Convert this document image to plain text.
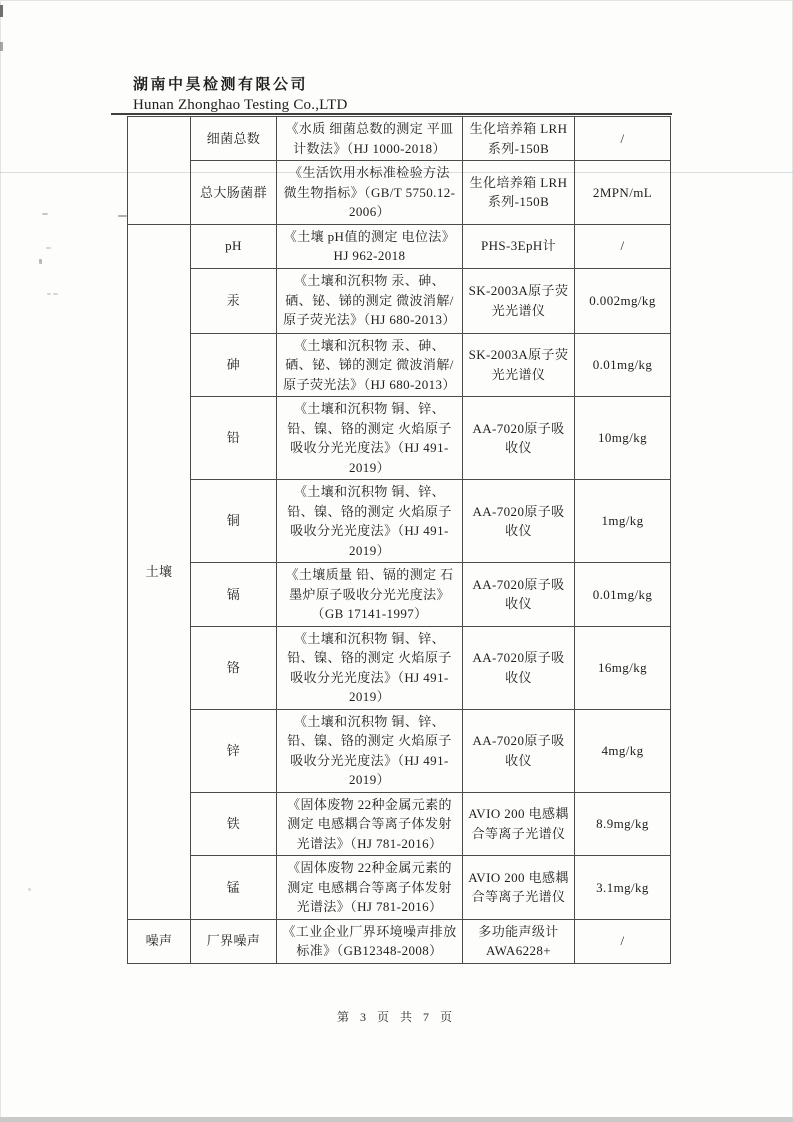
湖南中昊检测有限公司
Hunan Zhonghao Testing Co.,LTD
	细菌总数	《水质 细菌总数的测定 平皿计数法》（HJ 1000-2018）	生化培养箱 LRH系列-150B	/
	总大肠菌群	《生活饮用水标准检验方法 微生物指标》（GB/T 5750.12-2006）	生化培养箱 LRH系列-150B	2MPN/mL
土壤	pH	《土壤 pH值的测定 电位法》HJ 962-2018	PHS-3EpH计	/
	汞	《土壤和沉积物 汞、砷、硒、铋、锑的测定 微波消解/原子荧光法》（HJ 680-2013）	SK-2003A原子荧光光谱仪	0.002mg/kg
	砷	《土壤和沉积物 汞、砷、硒、铋、锑的测定 微波消解/原子荧光法》（HJ 680-2013）	SK-2003A原子荧光光谱仪	0.01mg/kg
	铅	《土壤和沉积物 铜、锌、铅、镍、铬的测定 火焰原子吸收分光光度法》（HJ 491-2019）	AA-7020原子吸收仪	10mg/kg
	铜	《土壤和沉积物 铜、锌、铅、镍、铬的测定 火焰原子吸收分光光度法》（HJ 491-2019）	AA-7020原子吸收仪	1mg/kg
	镉	《土壤质量 铅、镉的测定 石墨炉原子吸收分光光度法》（GB 17141-1997）	AA-7020原子吸收仪	0.01mg/kg
	铬	《土壤和沉积物 铜、锌、铅、镍、铬的测定 火焰原子吸收分光光度法》（HJ 491-2019）	AA-7020原子吸收仪	16mg/kg
	锌	《土壤和沉积物 铜、锌、铅、镍、铬的测定 火焰原子吸收分光光度法》（HJ 491-2019）	AA-7020原子吸收仪	4mg/kg
	铁	《固体废物 22种金属元素的测定 电感耦合等离子体发射光谱法》（HJ 781-2016）	AVIO 200 电感耦合等离子光谱仪	8.9mg/kg
	锰	《固体废物 22种金属元素的测定 电感耦合等离子体发射光谱法》（HJ 781-2016）	AVIO 200 电感耦合等离子光谱仪	3.1mg/kg
噪声	厂界噪声	《工业企业厂界环境噪声排放标准》（GB12348-2008）	多功能声级计 AWA6228+	/
第 3 页 共 7 页
